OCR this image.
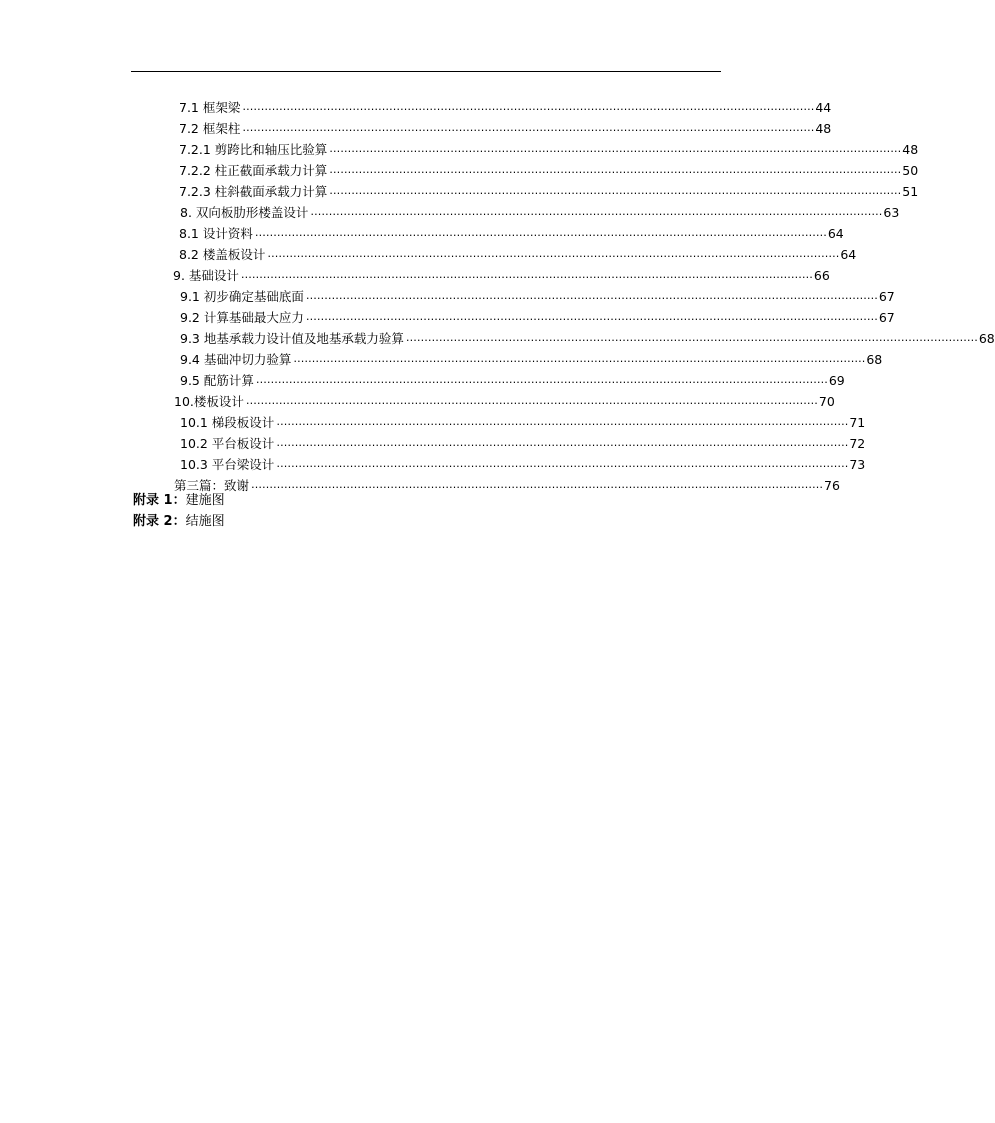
7.1 框架梁 ………………………………………………………………………………………………………………………………………… 44
7.2 框架柱 ………………………………………………………………………………………………………………………………………… 48
7.2.1 剪跨比和轴压比验算 ………………………………………………………………………………………………………………………………………… 48
7.2.2 柱正截面承载力计算 ………………………………………………………………………………………………………………………………………… 50
7.2.3 柱斜截面承载力计算 ………………………………………………………………………………………………………………………………………… 51
8. 双向板肋形楼盖设计 ………………………………………………………………………………………………………………………………………… 63
8.1 设计资料 ………………………………………………………………………………………………………………………………………… 64
8.2 楼盖板设计 ………………………………………………………………………………………………………………………………………… 64
9. 基础设计 ………………………………………………………………………………………………………………………………………… 66
9.1 初步确定基础底面 ………………………………………………………………………………………………………………………………………… 67
9.2 计算基础最大应力 ………………………………………………………………………………………………………………………………………… 67
9.3 地基承载力设计值及地基承载力验算 ………………………………………………………………………………………………………………………………………… 68
9.4 基础冲切力验算 ………………………………………………………………………………………………………………………………………… 68
9.5 配筋计算 ………………………………………………………………………………………………………………………………………… 69
10.楼板设计 ………………………………………………………………………………………………………………………………………… 70
10.1 梯段板设计 ………………………………………………………………………………………………………………………………………… 71
10.2 平台板设计 ………………………………………………………………………………………………………………………………………… 72
10.3 平台梁设计 ………………………………………………………………………………………………………………………………………… 73
第三篇：致谢 ………………………………………………………………………………………………………………………………………… 76
附录 1：建施图
附录 2：结施图
